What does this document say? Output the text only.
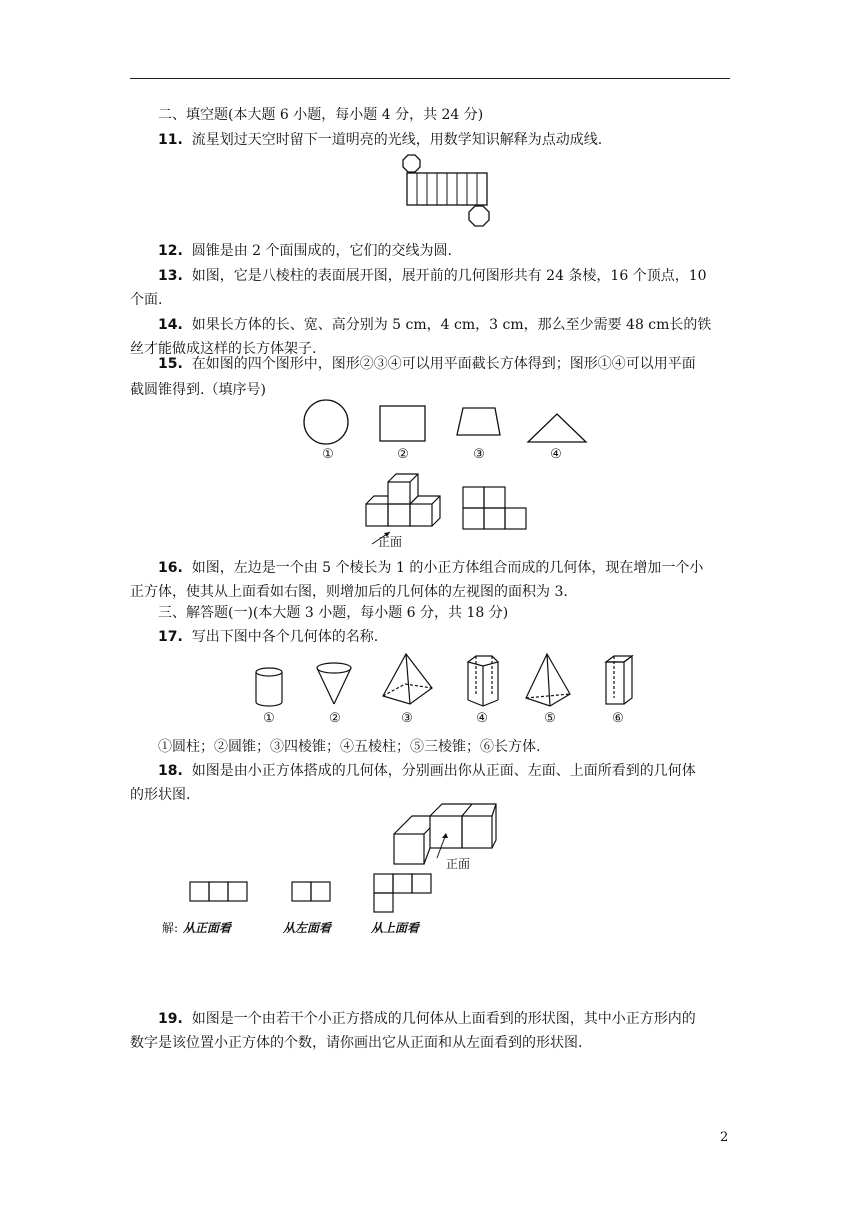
二、填空题(本大题 6 小题，每小题 4 分，共 24 分)
11. 流星划过天空时留下一道明亮的光线，用数学知识解释为点动成线.
12. 圆锥是由 2 个面围成的，它们的交线为圆.
13. 如图，它是八棱柱的表面展开图，展开前的几何图形共有 24 条棱，16 个顶点，10
个面.
14. 如果长方体的长、宽、高分别为 5 cm，4 cm，3 cm，那么至少需要 48 cm长的铁
丝才能做成这样的长方体架子.
15. 在如图的四个图形中，图形②③④可以用平面截长方体得到；图形①④可以用平面
截圆锥得到.（填序号)
①	②	③	④
正面
16. 如图，左边是一个由 5 个棱长为 1 的小正方体组合而成的几何体，现在增加一个小
正方体，使其从上面看如右图，则增加后的几何体的左视图的面积为 3.
三、解答题(一)(本大题 3 小题，每小题 6 分，共 18 分)
17. 写出下图中各个几何体的名称.
①	②	③	④	⑤	⑥
①圆柱；②圆锥；③四棱锥；④五棱柱；⑤三棱锥；⑥长方体.
18. 如图是由小正方体搭成的几何体，分别画出你从正面、左面、上面所看到的几何体
的形状图.
正面
解: 从正面看	从左面看	从上面看
19. 如图是一个由若干个小正方搭成的几何体从上面看到的形状图，其中小正方形内的
数字是该位置小正方体的个数，请你画出它从正面和从左面看到的形状图.
2
